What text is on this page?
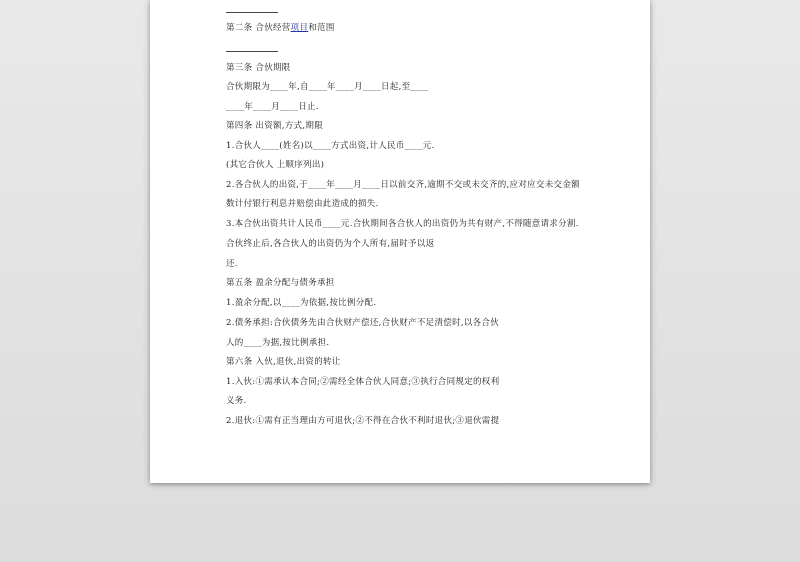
第二条 合伙经营项目和范围
第三条 合伙期限
合伙期限为____年,自____年____月____日起,至____
____年____月____日止.
第四条 出资额,方式,期限
1.合伙人____(姓名)以____方式出资,计人民币____元.
(其它合伙人 上顺序列出)
2.各合伙人的出资,于____年____月____日以前交齐,逾期不交或未交齐的,应对应交未交金额
数计付银行利息并赔偿由此造成的损失.
3.本合伙出资共计人民币____元.合伙期间各合伙人的出资仍为共有财产,不得随意请求分割.
合伙终止后,各合伙人的出资仍为个人所有,届时予以返
还.
第五条 盈余分配与债务承担
1.盈余分配,以____为依据,按比例分配.
2.债务承担:合伙债务先由合伙财产偿还,合伙财产不足清偿时,以各合伙
人的____为据,按比例承担.
第六条 入伙,退伙,出资的转让
1.入伙:①需承认本合同;②需经全体合伙人同意;③执行合同规定的权利
义务.
2.退伙:①需有正当理由方可退伙;②不得在合伙不利时退伙;③退伙需提
